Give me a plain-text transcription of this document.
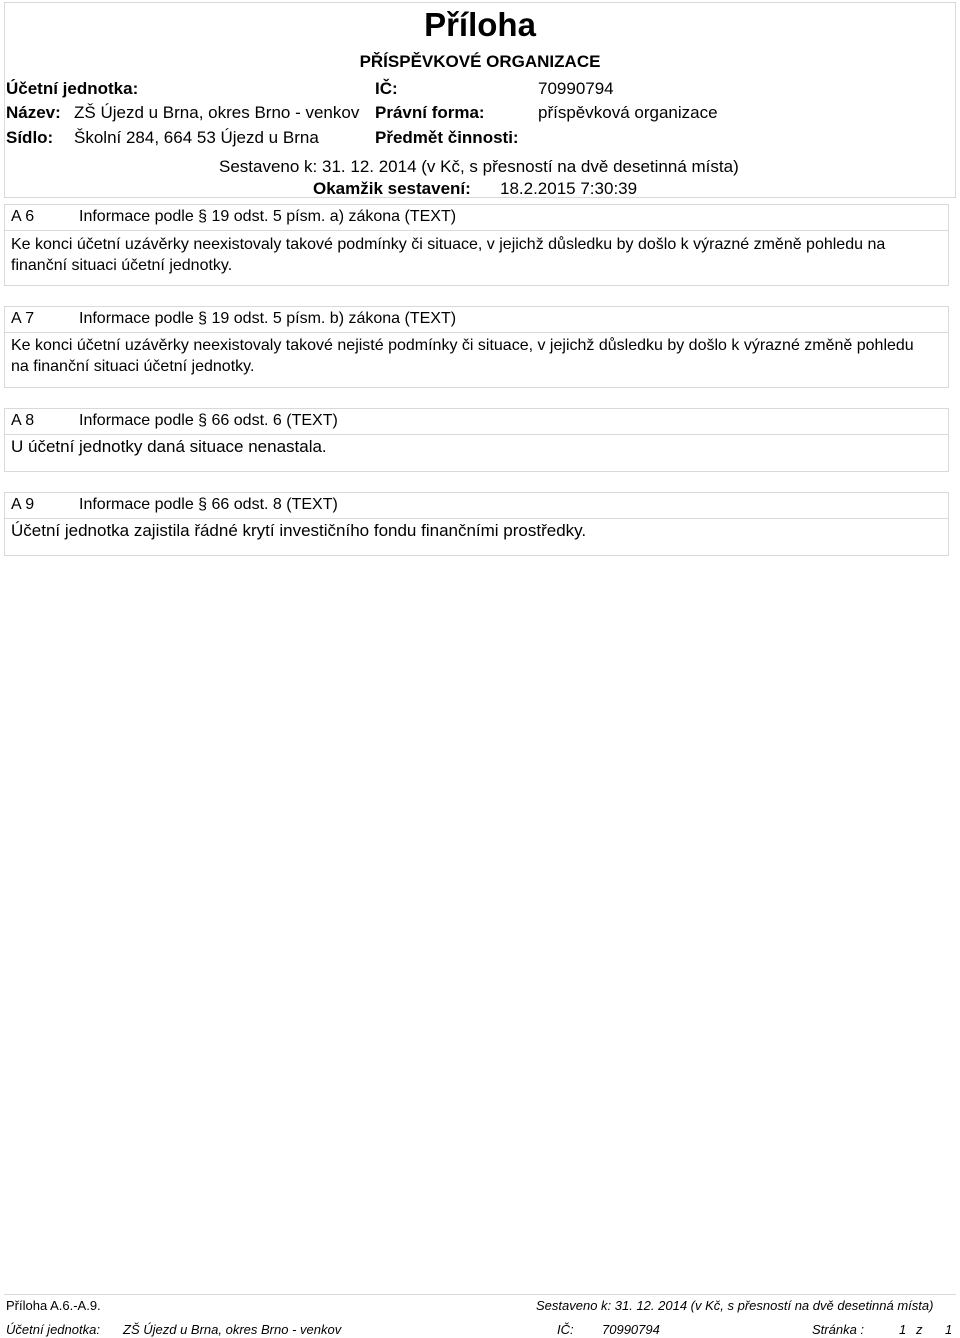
Příloha
PŘÍSPĚVKOVÉ ORGANIZACE
Účetní jednotka:	IČ:	70990794
Název: ZŠ Újezd u Brna, okres Brno - venkov Právní forma:	příspěvková organizace
Sídlo: Školní 284, 664 53 Újezd u Brna	Předmět činnosti:
Sestaveno k: 31. 12. 2014 (v Kč, s přesností na dvě desetinná místa)
Okamžik sestavení: 18.2.2015 7:30:39
A 6	Informace podle § 19 odst. 5 písm. a) zákona (TEXT)
Ke konci účetní uzávěrky neexistovaly takové podmínky či situace, v jejichž důsledku by došlo k výrazné změně pohledu na finanční situaci účetní jednotky.
A 7	Informace podle § 19 odst. 5 písm. b) zákona (TEXT)
Ke konci účetní uzávěrky neexistovaly takové nejisté podmínky či situace, v jejichž důsledku by došlo k výrazné změně pohledu na finanční situaci účetní jednotky.
A 8	Informace podle § 66 odst. 6 (TEXT)
U účetní jednotky daná situace nenastala.
A 9	Informace podle § 66 odst. 8 (TEXT)
Účetní jednotka zajistila řádné krytí investičního fondu finančními prostředky.
Příloha A.6.-A.9.	Sestaveno k: 31. 12. 2014 (v Kč, s přesností na dvě desetinná místa)
Účetní jednotka: ZŠ Újezd u Brna, okres Brno - venkov	IČ: 70990794	Stránka :	1 z 1
